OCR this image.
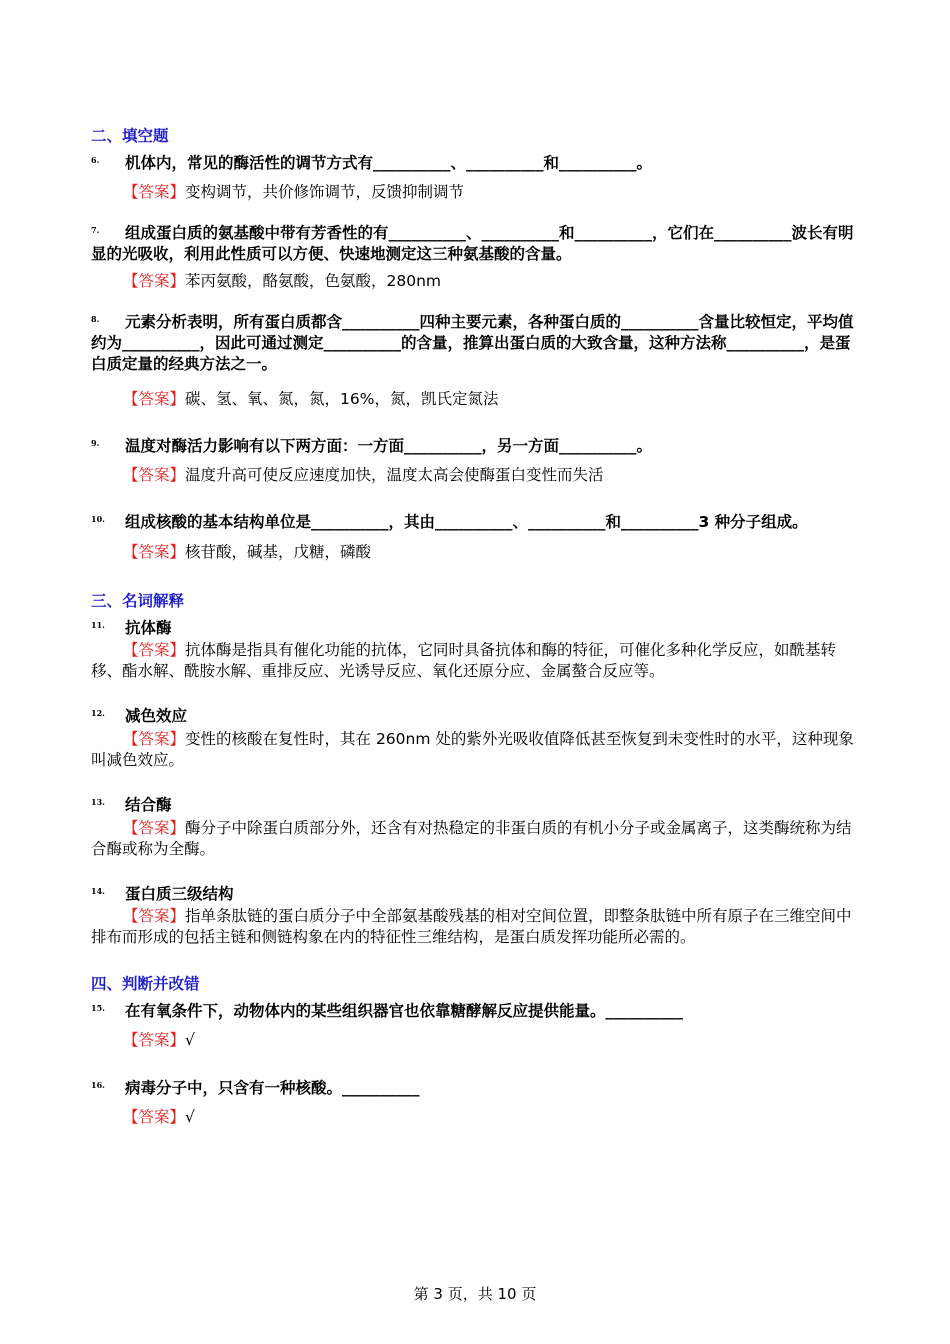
二、填空题
6.	机体内，常见的酶活性的调节方式有__________、__________和__________。
【答案】变构调节，共价修饰调节，反馈抑制调节
7.	组成蛋白质的氨基酸中带有芳香性的有__________、__________和__________，它们在__________波长有明显的光吸收，利用此性质可以方便、快速地测定这三种氨基酸的含量。
【答案】苯丙氨酸，酪氨酸，色氨酸，280nm
8.	元素分析表明，所有蛋白质都含__________四种主要元素，各种蛋白质的__________含量比较恒定，平均值约为__________，因此可通过测定__________的含量，推算出蛋白质的大致含量，这种方法称__________，是蛋白质定量的经典方法之一。
【答案】碳、氢、氧、氮，氮，16%，氮，凯氏定氮法
9.	温度对酶活力影响有以下两方面：一方面__________，另一方面__________。
【答案】温度升高可使反应速度加快，温度太高会使酶蛋白变性而失活
10.	组成核酸的基本结构单位是__________，其由__________、__________和__________3 种分子组成。
【答案】核苷酸，碱基，戊糖，磷酸
三、名词解释
11.	抗体酶
【答案】抗体酶是指具有催化功能的抗体，它同时具备抗体和酶的特征，可催化多种化学反应，如酰基转移、酯水解、酰胺水解、重排反应、光诱导反应、氧化还原分应、金属螯合反应等。
12.	减色效应
【答案】变性的核酸在复性时，其在 260nm 处的紫外光吸收值降低甚至恢复到未变性时的水平，这种现象叫减色效应。
13.	结合酶
【答案】酶分子中除蛋白质部分外，还含有对热稳定的非蛋白质的有机小分子或金属离子，这类酶统称为结合酶或称为全酶。
14.	蛋白质三级结构
【答案】指单条肽链的蛋白质分子中全部氨基酸残基的相对空间位置，即整条肽链中所有原子在三维空间中排布而形成的包括主链和侧链构象在内的特征性三维结构，是蛋白质发挥功能所必需的。
四、判断并改错
15.	在有氧条件下，动物体内的某些组织器官也依靠糖酵解反应提供能量。__________
【答案】√
16.	病毒分子中，只含有一种核酸。__________
【答案】√
第 3 页，共 10 页
